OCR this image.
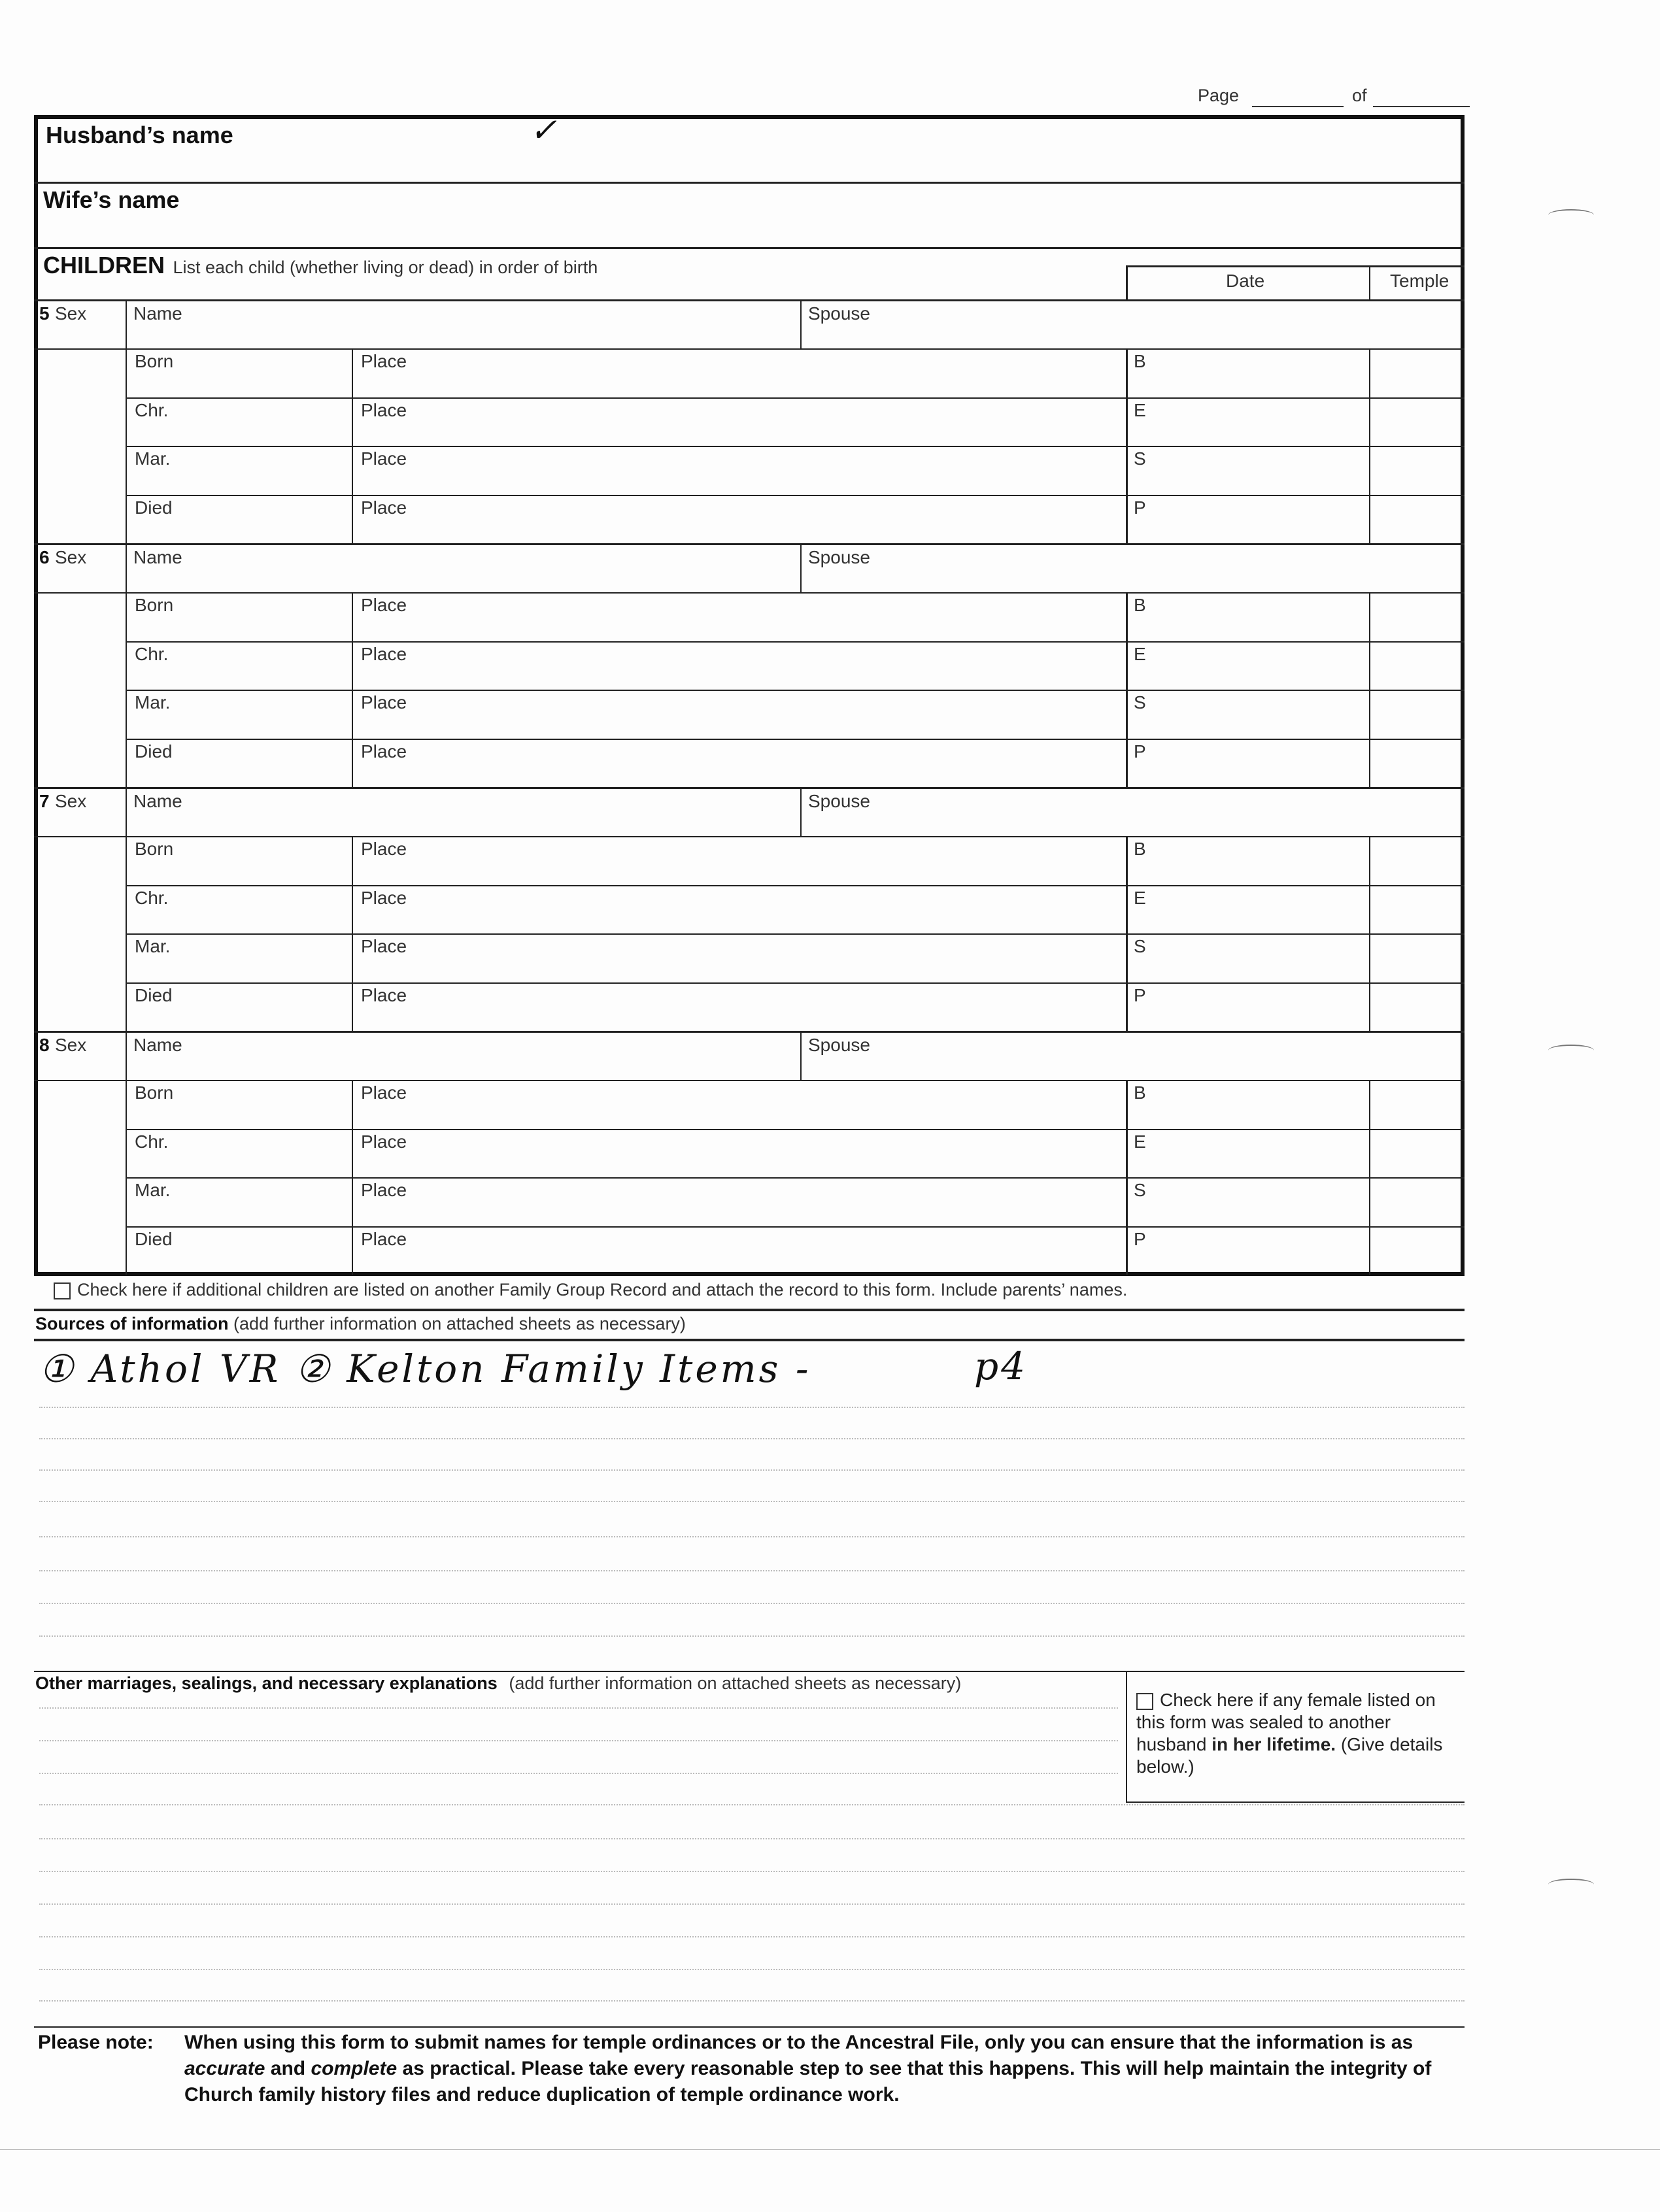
Page	of
Husband’s name	✓
Wife’s name
CHILDREN List each child (whether living or dead) in order of birth
Date	Temple
5 Sex	Name	Spouse
Born	Place	B
Chr.	Place	E
Mar.	Place	S
Died	Place	P
6 Sex	Name	Spouse
Born	Place	B
Chr.	Place	E
Mar.	Place	S
Died	Place	P
7 Sex	Name	Spouse
Born	Place	B
Chr.	Place	E
Mar.	Place	S
Died	Place	P
8 Sex	Name	Spouse
Born	Place	B
Chr.	Place	E
Mar.	Place	S
Died	Place	P
Check here if additional children are listed on another Family Group Record and attach the record to this form. Include parents’ names.
Sources of information (add further information on attached sheets as necessary)
① Athol VR ② Kelton Family Items -	p4
Other marriages, sealings, and necessary explanations (add further information on attached sheets as necessary)
Check here if any female listed on this form was sealed to another husband in her lifetime. (Give details below.)
Please note: When using this form to submit names for temple ordinances or to the Ancestral File, only you can ensure that the information is as accurate and complete as practical. Please take every reasonable step to see that this happens. This will help maintain the integrity of Church family history files and reduce duplication of temple ordinance work.
